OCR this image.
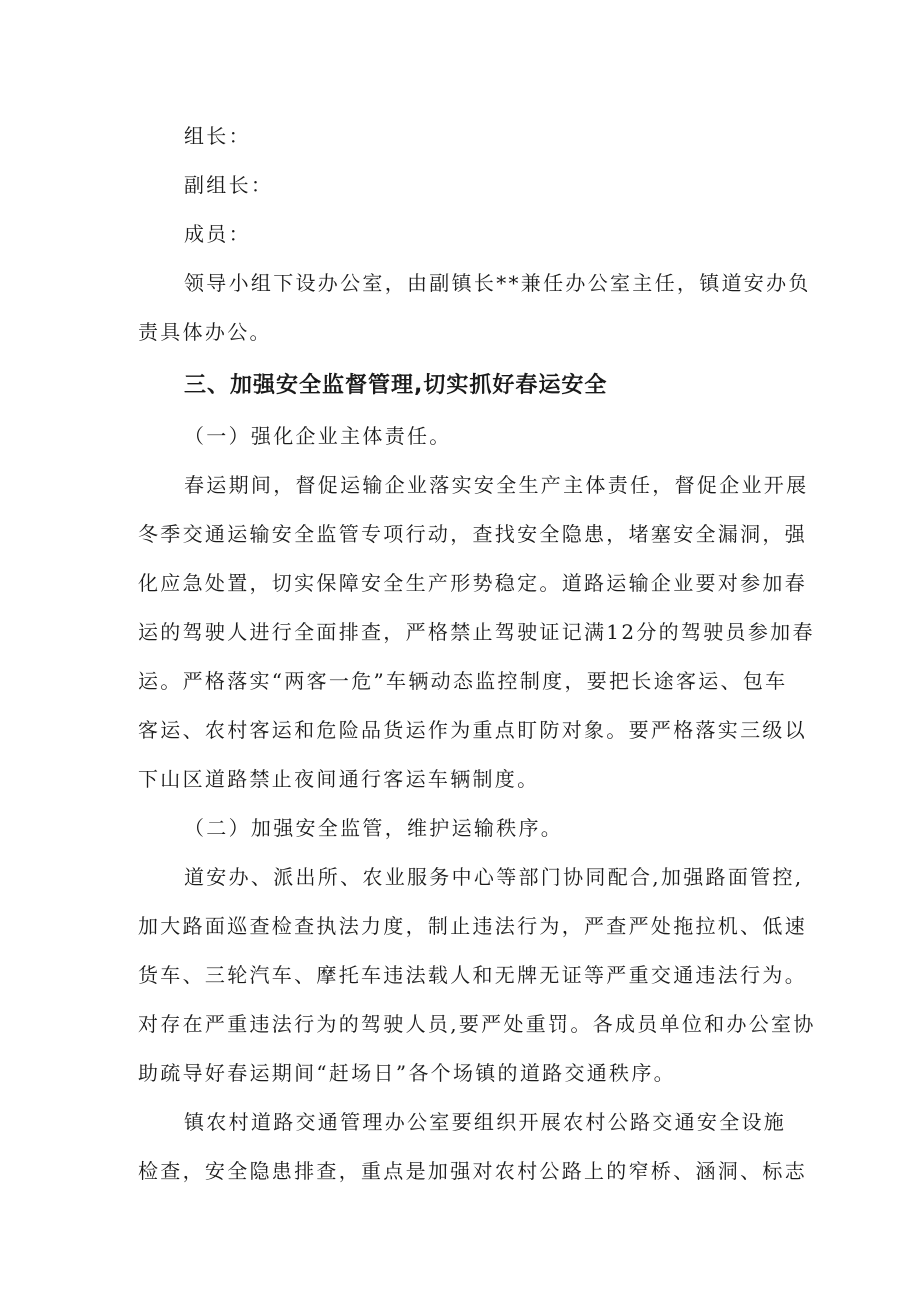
组长：

副组长：

成员：

领导小组下设办公室，由副镇长**兼任办公室主任，镇道安办负

责具体办公。

三、加强安全监督管理,切实抓好春运安全

（一）强化企业主体责任。

春运期间，督促运输企业落实安全生产主体责任，督促企业开展

冬季交通运输安全监管专项行动，查找安全隐患，堵塞安全漏洞，强

化应急处置，切实保障安全生产形势稳定。道路运输企业要对参加春

运的驾驶人进行全面排查，严格禁止驾驶证记满12分的驾驶员参加春

运。严格落实“两客一危”车辆动态监控制度，要把长途客运、包车

客运、农村客运和危险品货运作为重点盯防对象。要严格落实三级以

下山区道路禁止夜间通行客运车辆制度。

（二）加强安全监管，维护运输秩序。

道安办、派出所、农业服务中心等部门协同配合,加强路面管控,

加大路面巡查检查执法力度，制止违法行为，严查严处拖拉机、低速

货车、三轮汽车、摩托车违法载人和无牌无证等严重交通违法行为。

对存在严重违法行为的驾驶人员,要严处重罚。各成员单位和办公室协

助疏导好春运期间“赶场日”各个场镇的道路交通秩序。

镇农村道路交通管理办公室要组织开展农村公路交通安全设施

检查，安全隐患排查，重点是加强对农村公路上的窄桥、涵洞、标志
